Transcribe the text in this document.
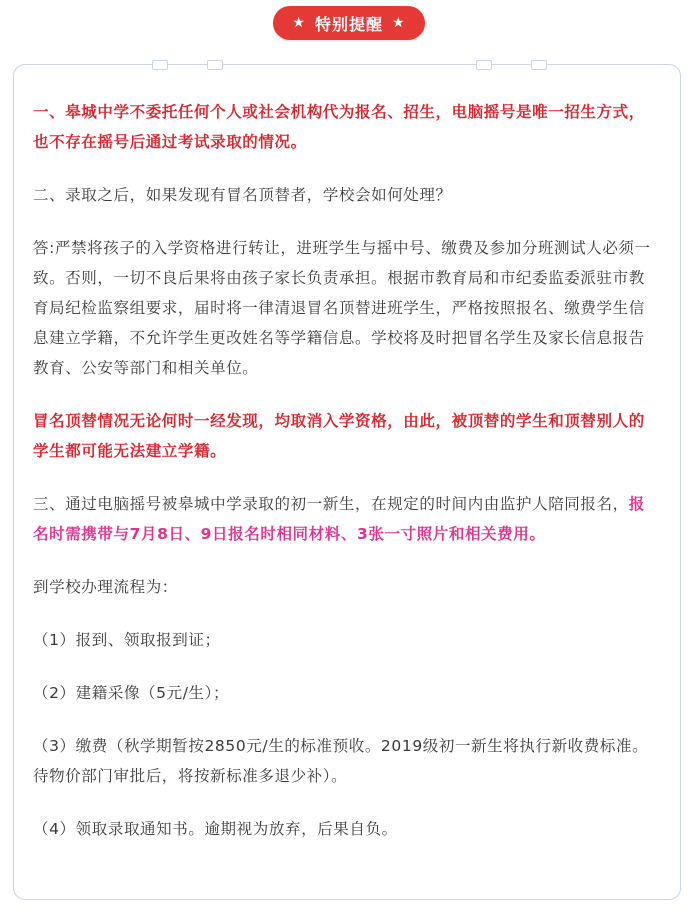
★ 特别提醒 ★

一、皋城中学不委托任何个人或社会机构代为报名、招生，电脑摇号是唯一招生方式，也不存在摇号后通过考试录取的情况。

二、录取之后，如果发现有冒名顶替者，学校会如何处理？

答:严禁将孩子的入学资格进行转让，进班学生与摇中号、缴费及参加分班测试人必须一致。否则，一切不良后果将由孩子家长负责承担。根据市教育局和市纪委监委派驻市教育局纪检监察组要求，届时将一律清退冒名顶替进班学生，严格按照报名、缴费学生信息建立学籍，不允许学生更改姓名等学籍信息。学校将及时把冒名学生及家长信息报告教育、公安等部门和相关单位。

冒名顶替情况无论何时一经发现，均取消入学资格，由此，被顶替的学生和顶替别人的学生都可能无法建立学籍。

三、通过电脑摇号被皋城中学录取的初一新生，在规定的时间内由监护人陪同报名，报名时需携带与7月8日、9日报名时相同材料、3张一寸照片和相关费用。

到学校办理流程为：

（1）报到、领取报到证；

（2）建籍采像（5元/生）；

（3）缴费（秋学期暂按2850元/生的标准预收。2019级初一新生将执行新收费标准。待物价部门审批后，将按新标准多退少补）。

（4）领取录取通知书。逾期视为放弃，后果自负。
